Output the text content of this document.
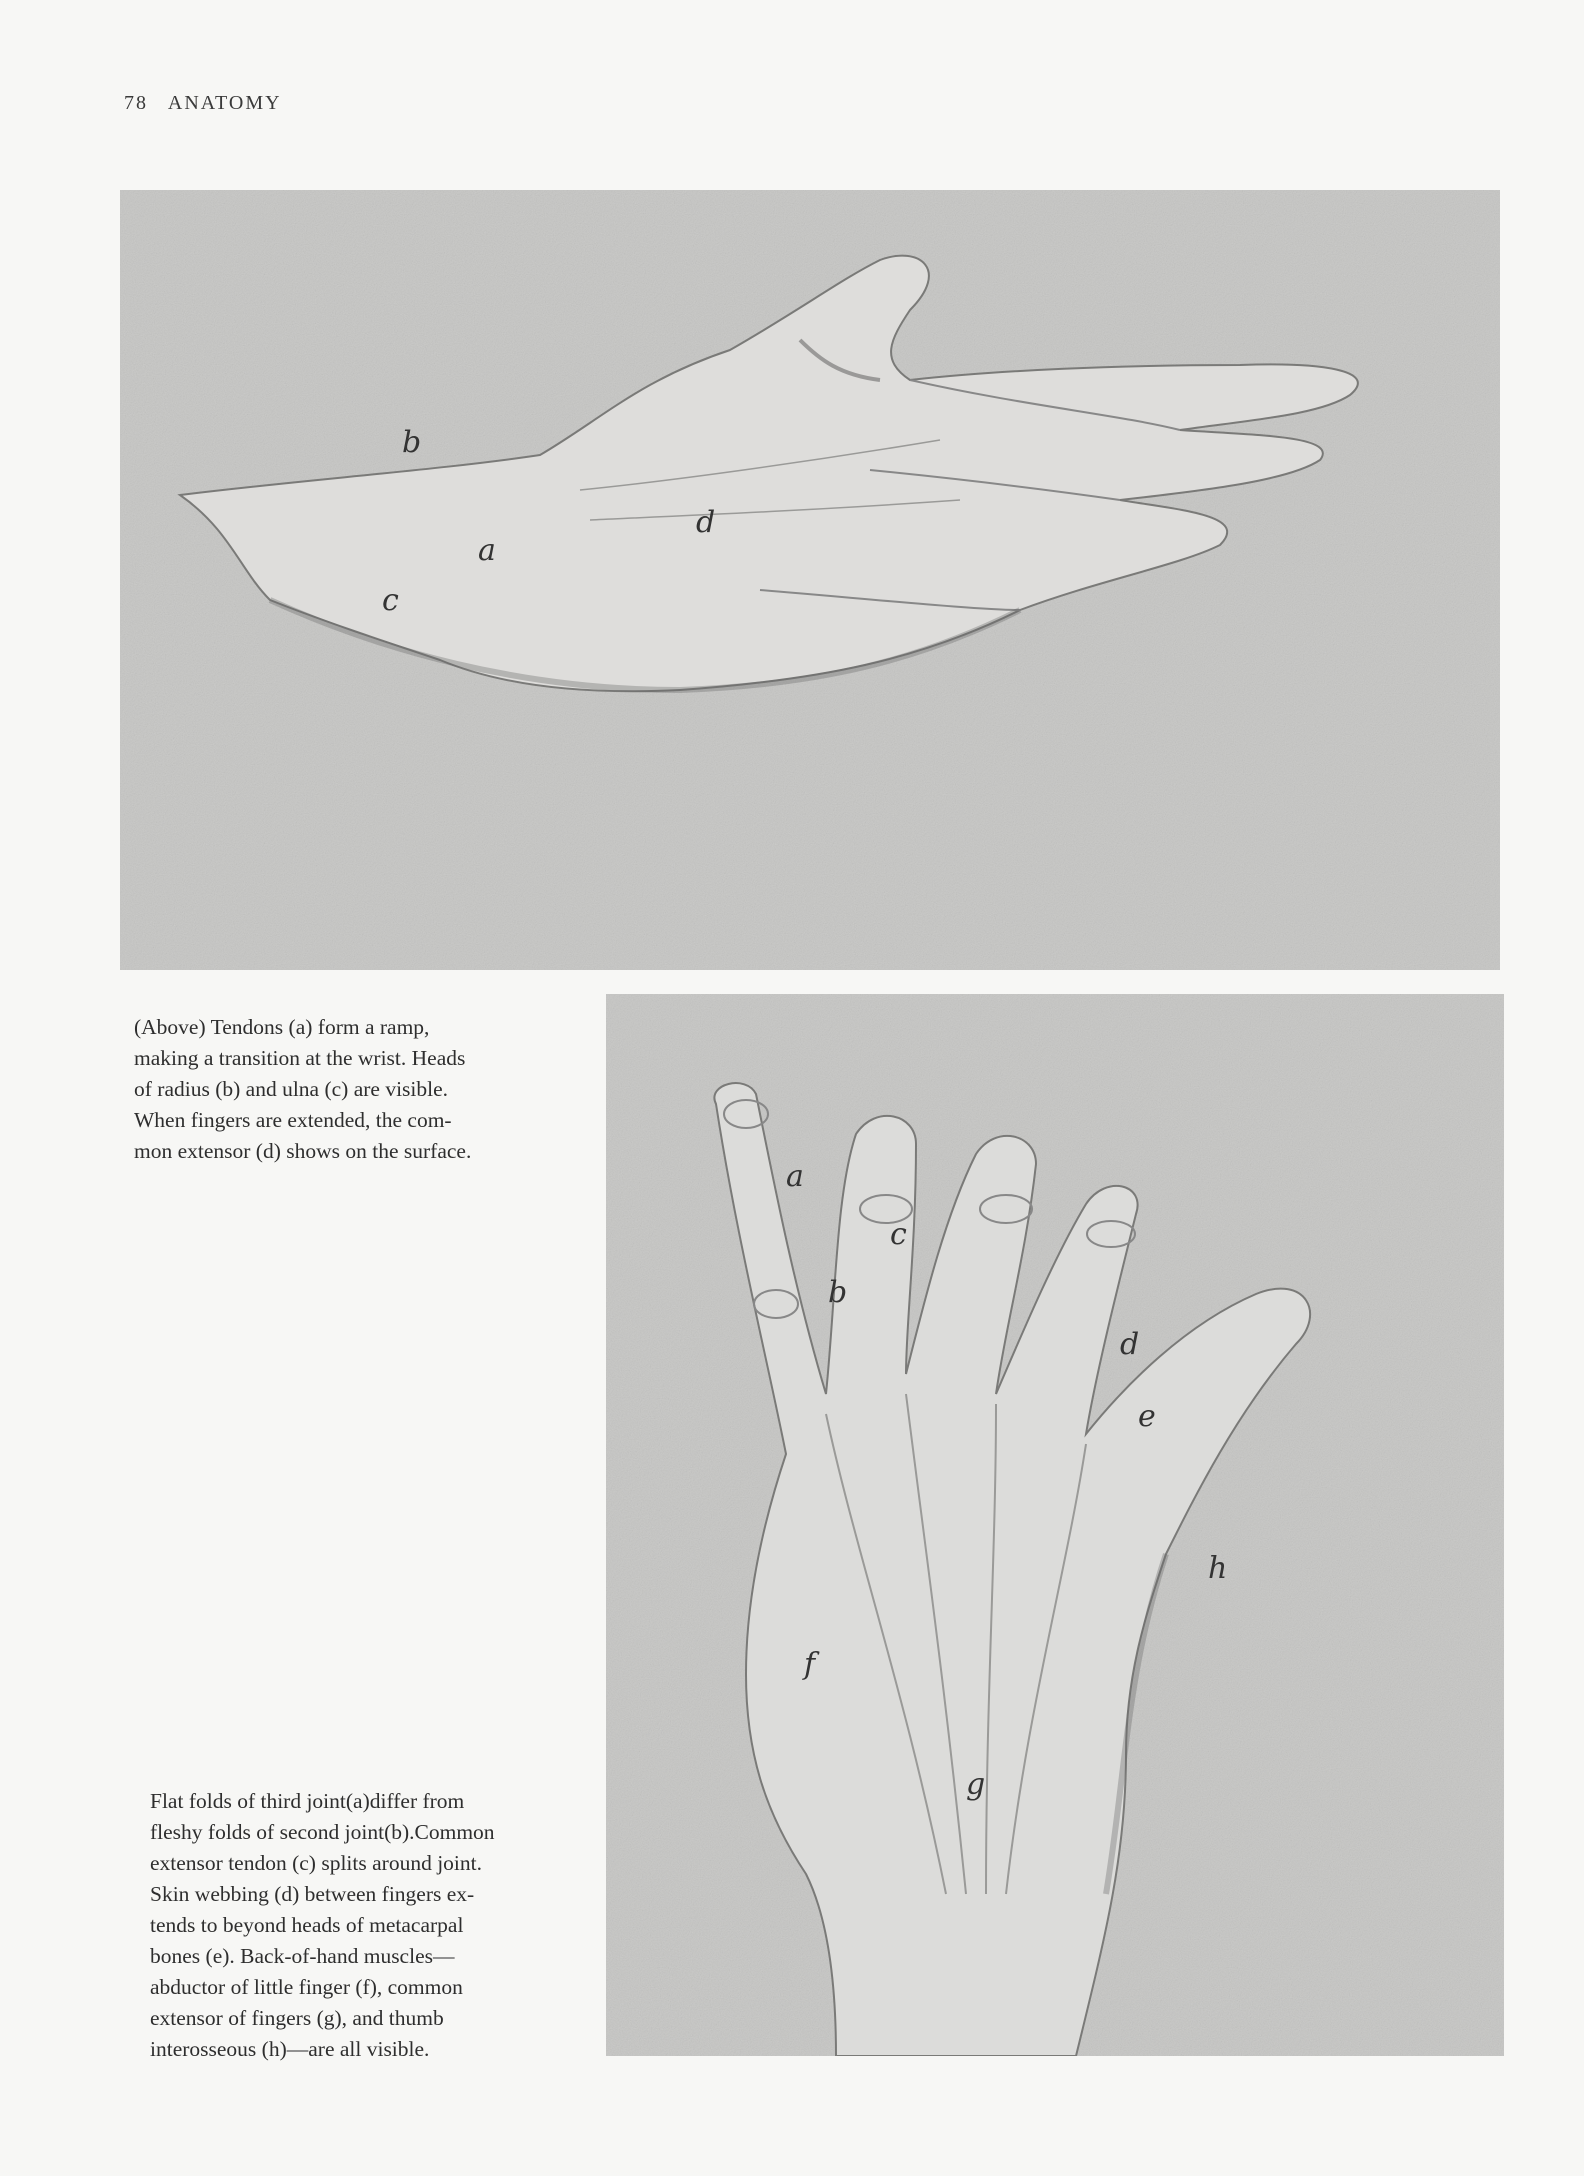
78 ANATOMY
b
a
c
d
(Above) Tendons (a) form a ramp,
making a transition at the wrist. Heads
of radius (b) and ulna (c) are visible.
When fingers are extended, the com-
mon extensor (d) shows on the surface.
a
b
c
d
e
f
g
h
Flat folds of third joint(a)differ from
fleshy folds of second joint(b).Common
extensor tendon (c) splits around joint.
Skin webbing (d) between fingers ex-
tends to beyond heads of metacarpal
bones (e). Back-of-hand muscles—
abductor of little finger (f), common
extensor of fingers (g), and thumb
interosseous (h)—are all visible.
